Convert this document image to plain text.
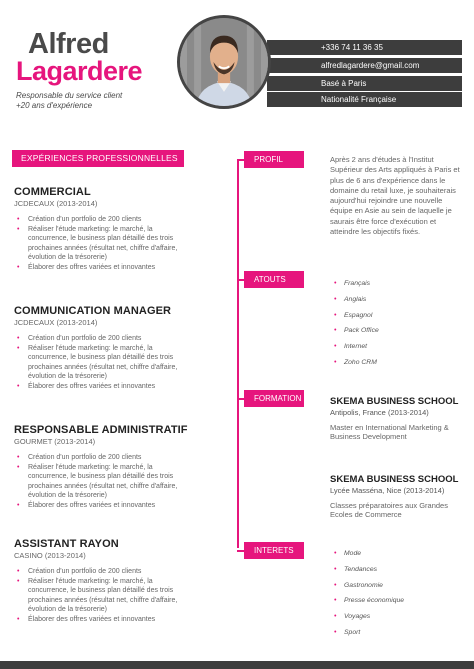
Alfred
Lagardere
Responsable du service client
+20 ans d'expérience
+336 74 11 36 35
alfredlagardere@gmail.com
Basé à Paris
Nationalité Française
EXPÉRIENCES PROFESSIONNELLES
COMMERCIAL
JCDECAUX (2013-2014)
• Création d'un portfolio de 200 clients
• Réaliser l'étude marketing: le marché, la concurrence, le business plan détaillé des trois prochaines années (résultat net, chiffre d'affaire, évolution de la trésorerie)
• Élaborer des offres variées et innovantes
COMMUNICATION MANAGER
JCDECAUX (2013-2014)
• Création d'un portfolio de 200 clients
• Réaliser l'étude marketing: le marché, la concurrence, le business plan détaillé des trois prochaines années (résultat net, chiffre d'affaire, évolution de la trésorerie)
• Élaborer des offres variées et innovantes
RESPONSABLE ADMINISTRATIF
GOURMET (2013-2014)
• Création d'un portfolio de 200 clients
• Réaliser l'étude marketing: le marché, la concurrence, le business plan détaillé des trois prochaines années (résultat net, chiffre d'affaire, évolution de la trésorerie)
• Élaborer des offres variées et innovantes
ASSISTANT RAYON
CASINO (2013-2014)
• Création d'un portfolio de 200 clients
• Réaliser l'étude marketing: le marché, la concurrence, le business plan détaillé des trois prochaines années (résultat net, chiffre d'affaire, évolution de la trésorerie)
• Élaborer des offres variées et innovantes
PROFIL
ATOUTS
FORMATION
INTERETS
Après 2 ans d'études à l'Institut Supérieur des Arts appliqués à Paris et plus de 6 ans d'expérience dans le domaine du retail luxe, je souhaiterais aujourd'hui rejoindre une nouvelle équipe en Asie au sein de laquelle je saurais être force d'exécution et atteindre les objectifs fixés.
• Français
• Anglais
• Espagnol
• Pack Office
• Internet
• Zoho CRM
SKEMA BUSINESS SCHOOL
Antipolis, France (2013-2014)
Master en International Marketing & Business Development
SKEMA BUSINESS SCHOOL
Lycée Masséna, Nice (2013-2014)
Classes préparatoires aux Grandes Ecoles de Commerce
• Mode
• Tendances
• Gastronomie
• Presse économique
• Voyages
• Sport
